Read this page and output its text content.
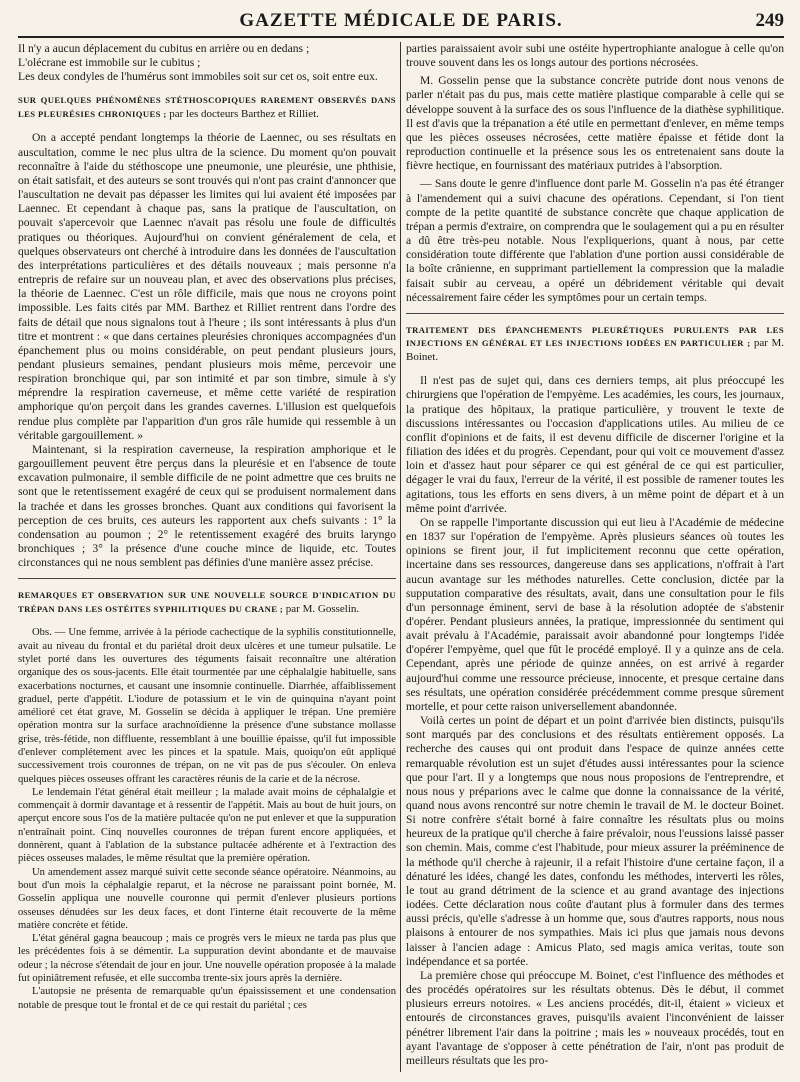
GAZETTE MÉDICALE DE PARIS.	249

Il n'y a aucun déplacement du cubitus en arrière ou en dedans ;

L'olécrane est immobile sur le cubitus ;

Les deux condyles de l'humérus sont immobiles soit sur cet os, soit entre eux.

SUR QUELQUES PHÉNOMÈNES STÉTHOSCOPIQUES RAREMENT OBSERVÉS DANS LES PLEURÉSIES CHRONIQUES ; par les docteurs Barthez et Rilliet.

On a accepté pendant longtemps la théorie de Laennec, ou ses résultats en auscultation, comme le nec plus ultra de la science. Du moment qu'on pouvait reconnaître à l'aide du stéthoscope une pneumonie, une pleurésie, une phthisie, on était satisfait, et des auteurs se sont trouvés qui n'ont pas craint d'annoncer que l'auscultation ne devait pas dépasser les limites qui lui avaient été imposées par Laennec. Et cependant à chaque pas, sans la pratique de l'auscultation, on pouvait s'apercevoir que Laennec n'avait pas résolu une foule de difficultés pratiques ou théoriques. Aujourd'hui on convient généralement de cela, et quelques observateurs ont cherché à introduire dans les données de l'auscultation des interprétations particulières et des détails nouveaux ; mais personne n'a entrepris de refaire sur un nouveau plan, et avec des observations plus précises, la théorie de Laennec. C'est un rôle difficile, mais que nous ne croyons point impossible. Les faits cités par MM. Barthez et Rilliet rentrent dans l'ordre des faits de détail que nous signalons tout à l'heure ; ils sont intéressants à plus d'un titre et montrent : « que dans certaines pleurésies chroniques accompagnées d'un épanchement plus ou moins considérable, on peut pendant plusieurs jours, pendant plusieurs semaines, pendant plusieurs mois même, percevoir une respiration bronchique qui, par son intimité et par son timbre, simule à s'y méprendre la respiration caverneuse, et même cette variété de respiration amphorique qu'on perçoit dans les grandes cavernes. L'illusion est quelquefois rendue plus complète par l'apparition d'un gros râle humide qui ressemble à un véritable gargouillement. »

Maintenant, si la respiration caverneuse, la respiration amphorique et le gargouillement peuvent être perçus dans la pleurésie et en l'absence de toute excavation pulmonaire, il semble difficile de ne point admettre que ces bruits ne sont que le retentissement exagéré de ceux qui se produisent normalement dans la trachée et dans les grosses bronches. Quant aux conditions qui favorisent la perception de ces bruits, ces auteurs les rapportent aux chefs suivants : 1° la condensation au poumon ; 2° le retentissement exagéré des bruits laryngo bronchiques ; 3° la présence d'une couche mince de liquide, etc. Toutes circonstances qui ne nous semblent pas définies d'une manière assez précise.

REMARQUES ET OBSERVATION SUR UNE NOUVELLE SOURCE D'INDICATION DU TRÉPAN DANS LES OSTÉITES SYPHILITIQUES DU CRANE ; par M. Gosselin.

Obs. — Une femme, arrivée à la période cachectique de la syphilis constitutionnelle, avait au niveau du frontal et du pariétal droit deux ulcères et une tumeur pulsatile. Le stylet porté dans les ouvertures des téguments faisait reconnaître une altération organique des os sous-jacents. Elle était tourmentée par une céphalalgie habituelle, sans exacerbations nocturnes, et causant une insomnie continuelle. Diarrhée, affaiblissement graduel, perte d'appétit. L'iodure de potassium et le vin de quinquina n'ayant point amélioré cet état grave, M. Gosselin se décida à appliquer le trépan. Une première opération montra sur la surface arachnoïdienne la présence d'une substance mollasse grise, très-fétide, non diffluente, ressemblant à une bouillie épaisse, qu'il fut impossible d'enlever complétement avec les pinces et la spatule. Mais, quoiqu'on eût appliqué successivement trois couronnes de trépan, on ne vit pas de pus s'écouler. On enleva quelques pièces osseuses offrant les caractères réunis de la carie et de la nécrose.

Le lendemain l'état général était meilleur ; la malade avait moins de céphalalgie et commençait à dormir davantage et à ressentir de l'appétit. Mais au bout de huit jours, on aperçut encore sous l'os de la matière pultacée qu'on ne put enlever et que la suppuration n'entraînait point. Cinq nouvelles couronnes de trépan furent encore appliquées, et donnèrent, quant à l'ablation de la substance pultacée adhérente et à l'extraction des pièces osseuses malades, le même résultat que la première opération.

Un amendement assez marqué suivit cette seconde séance opératoire. Néanmoins, au bout d'un mois la céphalalgie reparut, et la nécrose ne paraissant point bornée, M. Gosselin appliqua une nouvelle couronne qui permit d'enlever plusieurs portions osseuses dénudées sur les deux faces, et dont l'interne était recouverte de la même matière concrète et fétide.

L'état général gagna beaucoup ; mais ce progrès vers le mieux ne tarda pas plus que les précédentes fois à se démentir. La suppuration devint abondante et de mauvaise odeur ; la nécrose s'étendait de jour en jour. Une nouvelle opération proposée à la malade fut opiniâtrement refusée, et elle succomba trente-six jours après la dernière.

L'autopsie ne présenta de remarquable qu'un épaississement et une condensation notable de presque tout le frontal et de ce qui restait du pariétal ; ces

parties paraissaient avoir subi une ostéite hypertrophiante analogue à celle qu'on trouve souvent dans les os longs autour des portions nécrosées.

M. Gosselin pense que la substance concrète putride dont nous venons de parler n'était pas du pus, mais cette matière plastique comparable à celle qui se développe souvent à la surface des os sous l'influence de la diathèse syphilitique. Il est d'avis que la trépanation a été utile en permettant d'enlever, en même temps que les pièces osseuses nécrosées, cette matière épaisse et fétide dont la reproduction continuelle et la présence sous les os entretenaient sans doute la fièvre hectique, en fournissant des matériaux putrides à l'absorption.

— Sans doute le genre d'influence dont parle M. Gosselin n'a pas été étranger à l'amendement qui a suivi chacune des opérations. Cependant, si l'on tient compte de la petite quantité de substance concrète que chaque application de trépan a permis d'extraire, on comprendra que le soulagement qui a pu en résulter a dû être très-peu notable. Nous l'expliquerions, quant à nous, par cette considération toute différente que l'ablation d'une portion aussi considérable de la boîte crânienne, en supprimant partiellement la compression que la maladie faisait subir au cerveau, a opéré un débridement véritable qui devait nécessairement faire céder les symptômes pour un certain temps.

TRAITEMENT DES ÉPANCHEMENTS PLEURÉTIQUES PURULENTS PAR LES INJECTIONS EN GÉNÉRAL ET LES INJECTIONS IODÉES EN PARTICULIER ; par M. Boinet.

Il n'est pas de sujet qui, dans ces derniers temps, ait plus préoccupé les chirurgiens que l'opération de l'empyème. Les académies, les cours, les journaux, la pratique des hôpitaux, la pratique particulière, y trouvent le texte de discussions intéressantes ou l'occasion d'applications utiles. Au milieu de ce conflit d'opinions et de faits, il est devenu difficile de discerner l'origine et la filiation des idées et du progrès. Cependant, pour qui voit ce mouvement d'assez loin et d'assez haut pour séparer ce qui est général de ce qui est particulier, dégager le vrai du faux, l'erreur de la vérité, il est possible de ramener toutes les agitations, tous les efforts en sens divers, à un même point de départ et à un même point d'arrivée.

On se rappelle l'importante discussion qui eut lieu à l'Académie de médecine en 1837 sur l'opération de l'empyème. Après plusieurs séances où toutes les opinions se firent jour, il fut implicitement reconnu que cette opération, incertaine dans ses ressources, dangereuse dans ses applications, n'offrait à l'art aucun avantage sur les méthodes naturelles. Cette conclusion, dictée par la supputation comparative des résultats, avait, dans une consultation pour le fils d'un personnage éminent, servi de base à la résolution adoptée de s'abstenir d'opérer. Pendant plusieurs années, la pratique, impressionnée du sentiment qui avait prévalu à l'Académie, paraissait avoir abandonné pour longtemps l'idée d'opérer l'empyème, quel que fût le procédé employé. Il y a quinze ans de cela. Cependant, après une période de quinze années, on est arrivé à regarder aujourd'hui comme une ressource précieuse, innocente, et presque certaine dans ses résultats, une opération considérée précédemment comme presque sûrement mortelle, et pour cette raison universellement abandonnée.

Voilà certes un point de départ et un point d'arrivée bien distincts, puisqu'ils sont marqués par des conclusions et des résultats entièrement opposés. La recherche des causes qui ont produit dans l'espace de quinze années cette remarquable révolution est un sujet d'études aussi intéressantes pour la science que pour l'art. Il y a longtemps que nous nous proposions de l'entreprendre, et nous nous y préparions avec le calme que donne la connaissance de la vérité, quand nous avons rencontré sur notre chemin le travail de M. le docteur Boinet. Si notre confrère s'était borné à faire connaître les résultats plus ou moins heureux de la pratique qu'il cherche à faire prévaloir, nous l'eussions laissé passer son chemin. Mais, comme c'est l'habitude, pour mieux assurer la prééminence de la méthode qu'il cherche à rajeunir, il a refait l'histoire d'une certaine façon, il a dénaturé les idées, changé les dates, confondu les méthodes, interverti les rôles, le tout au grand détriment de la science et au grand avantage des injections iodées. Cette déclaration nous coûte d'autant plus à formuler dans des termes aussi précis, qu'elle s'adresse à un homme que, sous d'autres rapports, nous nous plaisons à entourer de nos sympathies. Mais ici plus que jamais nous devons laisser à l'ancien adage : Amicus Plato, sed magis amica veritas, toute son indépendance et sa portée.

La première chose qui préoccupe M. Boinet, c'est l'influence des méthodes et des procédés opératoires sur les résultats obtenus. Dès le début, il commet plusieurs erreurs notoires. « Les anciens procédés, dit-il, étaient » vicieux et entourés de circonstances graves, puisqu'ils avaient l'inconvénient de laisser pénétrer librement l'air dans la poitrine ; mais les » nouveaux procédés, tout en ayant l'avantage de s'opposer à cette pénétration de l'air, n'ont pas produit de meilleurs résultats que les pro-
